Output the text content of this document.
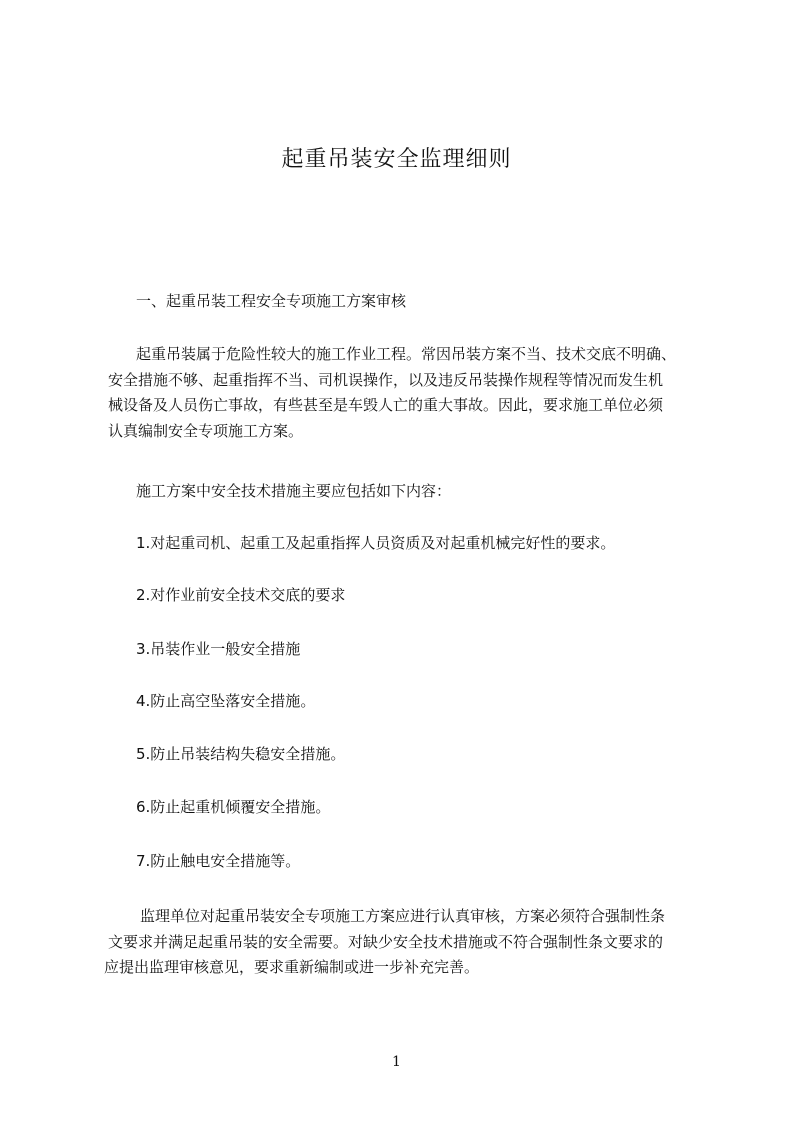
起重吊装安全监理细则
一、起重吊装工程安全专项施工方案审核
起重吊装属于危险性较大的施工作业工程。常因吊装方案不当、技术交底不明确、
安全措施不够、起重指挥不当、司机误操作，以及违反吊装操作规程等情况而发生机
械设备及人员伤亡事故，有些甚至是车毁人亡的重大事故。因此，要求施工单位必须
认真编制安全专项施工方案。
施工方案中安全技术措施主要应包括如下内容：
1.对起重司机、起重工及起重指挥人员资质及对起重机械完好性的要求。
2.对作业前安全技术交底的要求
3.吊装作业一般安全措施
4.防止高空坠落安全措施。
5.防止吊装结构失稳安全措施。
6.防止起重机倾覆安全措施。
7.防止触电安全措施等。
监理单位对起重吊装安全专项施工方案应进行认真审核，方案必须符合强制性条
文要求并满足起重吊装的安全需要。对缺少安全技术措施或不符合强制性条文要求的
应提出监理审核意见，要求重新编制或进一步补充完善。
1
